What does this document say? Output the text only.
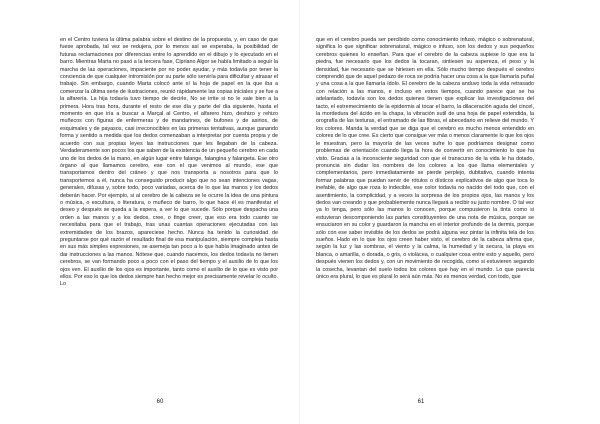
en el Centro tuviera la última palabra sobre el destino de la propuesta, y, en caso de que fuese aprobada, tal vez se redujera, por lo menos así se esperaba, la posibilidad de futuras reclamaciones por diferencias entre lo aprendido en el dibujo y lo ejecutado en el barro. Mientras Marta no pasó a la tercera fase, Cipriano Algor se había limitado a seguir la marcha de las operaciones, impaciente por no poder ayudar, y más todavía por tener la conciencia de que cualquier intromisión por su parte sólo serviría para dificultar y atrasar el trabajo. Sin embargo, cuando Marta colocó ante sí la hoja de papel en la que iba a comenzar la última serie de ilustraciones, reunió rápidamente las copias iniciales y se fue a la alfarería. La hija todavía tuvo tiempo de decirle, No se irrite si no le sale bien a la primera. Hora tras hora, durante el resto de ese día y parte del día siguiente, hasta el momento en que iría a buscar a Marçal al Centro, el alfarero hizo, deshizo y rehizo muñecos con figuras de enfermeras y de mandarines, de bufones y de asirios, de esquimales y de payasos, casi irreconocibles en las primeras tentativas, aunque ganando forma y sentido a medida que los dedos comenzaban a interpretar por cuenta propia y de acuerdo con sus propias leyes las instrucciones que les llegaban de la cabeza. Verdaderamente son pocos los que saben de la existencia de un pequeño cerebro en cada uno de los dedos de la mano, en algún lugar entre falange, falangina y falangeta. Ese otro órgano al que llamamos cerebro, ese con el que venimos al mundo, ese que transportamos dentro del cráneo y que nos transporta a nosotros para que lo transportemos a él, nunca ha conseguido producir algo que no sean intenciones vagas, generales, difusas y, sobre todo, poco variadas, acerca de lo que las manos y los dedos deberán hacer. Por ejemplo, si al cerebro de la cabeza se le ocurre la idea de una pintura o música, o escultura, o literatura, o muñeco de barro, lo que hace él es manifestar el deseo y después se queda a la espera, a ver lo que sucede. Sólo porque despacha una orden a las manos y a los dedos, cree, o finge creer, que eso era todo cuanto se necesitaba para que el trabajo, tras unas cuantas operaciones ejecutadas con las extremidades de los brazos, apareciese hecho. Nunca ha tenido la curiosidad de preguntarse por qué razón el resultado final de esa manipulación, siempre compleja hasta en sus más simples expresiones, se asemeja tan poco a lo que había imaginado antes de dar instrucciones a las manos. Nótese que, cuando nacemos, los dedos todavía no tienen cerebros, se van formando poco a poco con el paso del tiempo y el auxilio de lo que los ojos ven. El auxilio de los ojos es importante, tanto como el auxilio de lo que es visto por ellos. Por eso lo que los dedos siempre han hecho mejor es precisamente revelar lo oculto. Lo

60

que en el cerebro pueda ser percibido como conocimiento infuso, mágico o sobrenatural, significa lo que significar sobrenatural, mágico e infuso, son los dedos y sus pequeños cerebros quienes lo enseñan. Para que el cerebro de la cabeza supiese lo que era la piedra, fue necesario que los dedos la tocaran, sintiesen su aspereza, el peso y la densidad, fue necesario que se hiriesen en ella. Sólo mucho tiempo después el cerebro comprendió que de aquel pedazo de roca se podría hacer una cosa a la que llamaría puñal y una cosa a la que llamaría ídolo. El cerebro de la cabeza anduvo toda la vida retrasado con relación a las manos, e incluso en estos tiempos, cuando parece que se ha adelantado, todavía son los dedos quienes tienen que explicar las investigaciones del tacto, el estremecimiento de la epidermis al tocar el barro, la dilaceración aguda del cincel, la mordedura del ácido en la chapa, la vibración sutil de una hoja de papel extendida, la orografía de las texturas, el entramado de las fibras, el abecedario en relieve del mundo. Y los colores. Manda la verdad que se diga que el cerebro es mucho menos entendido en colores de lo que cree. Es cierto que consigue ver más o menos claramente lo que los ojos le muestran, pero la mayoría de las veces sufre lo que podríamos designar como problemas de orientación cuando llega la hora de convertir en conocimiento lo que ha visto. Gracias a la inconsciente seguridad con que el transcurso de la vida le ha dotado, pronuncia sin dudar los nombres de los colores a los que llama elementales y complementarios, pero inmediatamente se pierde perplejo, dubitativo, cuando intenta formar palabras que puedan servir de rótulos o dísticos explicativos de algo que toca lo inefable, de algo que roza lo indecible, ese color todavía no nacido del todo que, con el asentimiento, la complicidad, y a veces la sorpresa de los propios ojos, las manos y los dedos van creando y que probablemente nunca llegará a recibir su justo nombre. O tal vez ya lo tenga, pero sólo las manos lo conocen, porque compusieron la tinta como si estuvieran descomponiendo las partes constituyentes de una nota de música, porque se ensuciaron en su color y guardaron la mancha en el interior profundo de la dermis, porque sólo con ese saber invisible de los dedos se podrá alguna vez pintar la infinita tela de los sueños. Hado en lo que los ojos creen haber visto, el cerebro de la cabeza afirma que, según la luz y las sombras, el viento y la calma, la humedad y la secura, la playa es blanca, o amarilla, o dorada, o gris, o violácea, o cualquier cosa entre esto y aquello, pero después vienen los dedos y, con un movimiento de recogida, como si estuvieren segando la cosecha, levantan del suelo todos los colores que hay en el mundo. Lo que parecía único era plural, lo que es plural lo será aún más. No es menos verdad, con todo, que

61
